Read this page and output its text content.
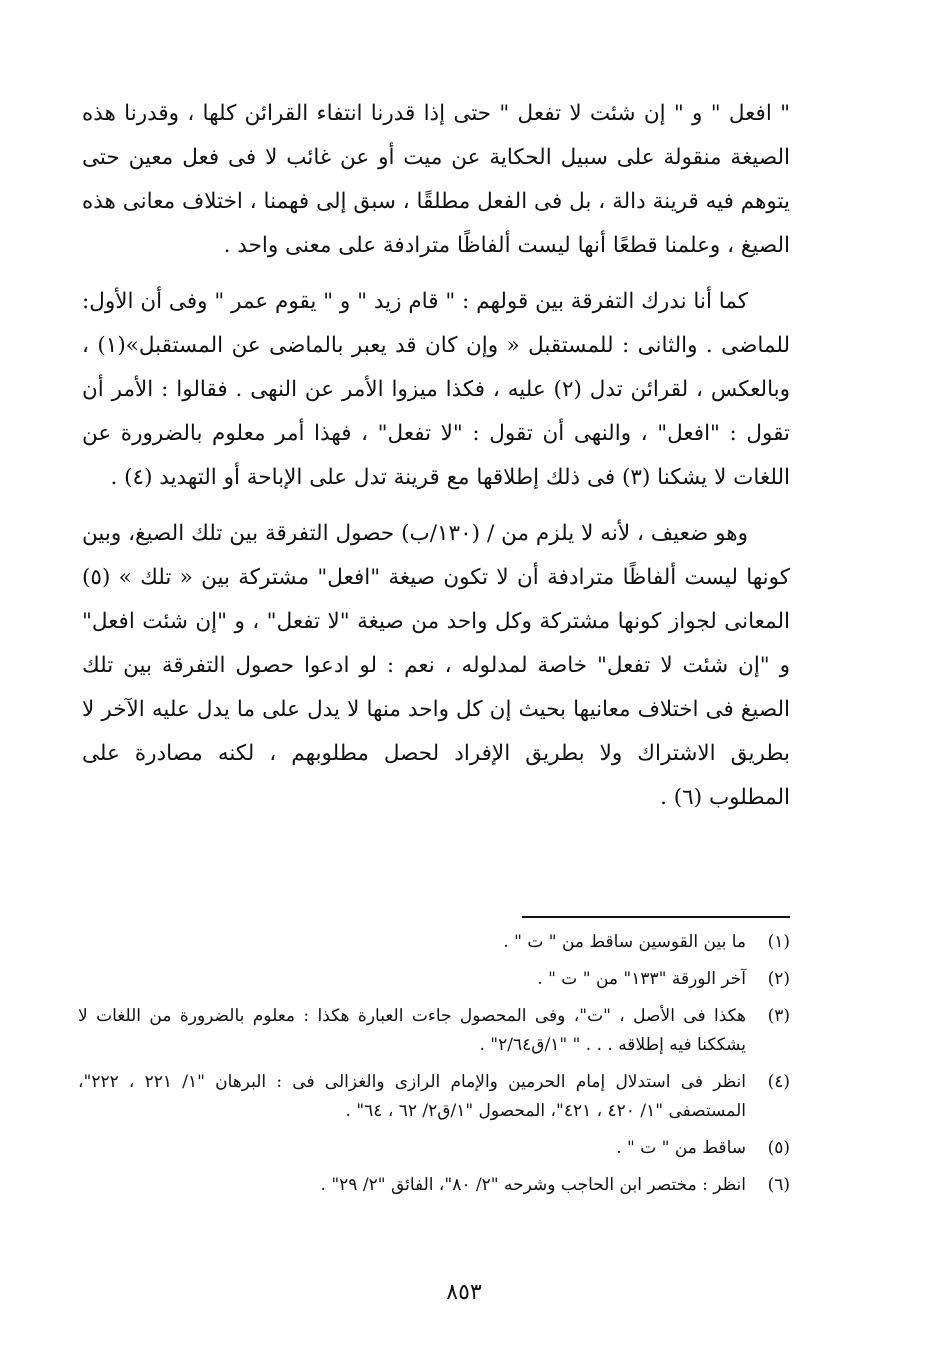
" افعل " و " إن شئت لا تفعل " حتى إذا قدرنا انتفاء القرائن كلها ، وقدرنا هذه الصيغة منقولة على سبيل الحكاية عن ميت أو عن غائب لا فى فعل معين حتى يتوهم فيه قرينة دالة ، بل فى الفعل مطلقًا ، سبق إلى فهمنا ، اختلاف معانى هذه الصيغ ، وعلمنا قطعًا أنها ليست ألفاظًا مترادفة على معنى واحد .

كما أنا ندرك التفرقة بين قولهم : " قام زيد " و " يقوم عمر " وفى أن الأول: للماضى . والثانى : للمستقبل « وإن كان قد يعبر بالماضى عن المستقبل»(١) ، وبالعكس ، لقرائن تدل (٢) عليه ، فكذا ميزوا الأمر عن النهى . فقالوا : الأمر أن تقول : "افعل" ، والنهى أن تقول : "لا تفعل" ، فهذا أمر معلوم بالضرورة عن اللغات لا يشكنا (٣) فى ذلك إطلاقها مع قرينة تدل على الإباحة أو التهديد (٤) .

وهو ضعيف ، لأنه لا يلزم من / (١٣٠/ب) حصول التفرقة بين تلك الصيغ، وبين كونها ليست ألفاظًا مترادفة أن لا تكون صيغة "افعل" مشتركة بين « تلك » (٥) المعانى لجواز كونها مشتركة وكل واحد من صيغة "لا تفعل" ، و "إن شئت افعل" و "إن شئت لا تفعل" خاصة لمدلوله ، نعم : لو ادعوا حصول التفرقة بين تلك الصيغ فى اختلاف معانيها بحيث إن كل واحد منها لا يدل على ما يدل عليه الآخر لا بطريق الاشتراك ولا بطريق الإفراد لحصل مطلوبهم ، لكنه مصادرة على المطلوب (٦) .

(١)
ما بين القوسين ساقط من " ت " .
(٢)
آخر الورقة "١٣٣" من " ت " .
(٣)
هكذا فى الأصل ، "ت"، وفى المحصول جاءت العبارة هكذا : معلوم بالضرورة من اللغات لا يشككنا فيه إطلاقه . . . " "١/ق٢/٦٤" .
(٤)
انظر فى استدلال إمام الحرمين والإمام الرازى والغزالى فى : البرهان "١/ ٢٢١ ، ٢٢٢"، المستصفى "١/ ٤٢٠ ، ٤٢١"، المحصول "١/ق٢/ ٦٢ ، ٦٤" .
(٥)
ساقط من " ت " .
(٦)
انظر : مختصر ابن الحاجب وشرحه "٢/ ٨٠"، الفائق "٢/ ٢٩" .
٨٥٣
